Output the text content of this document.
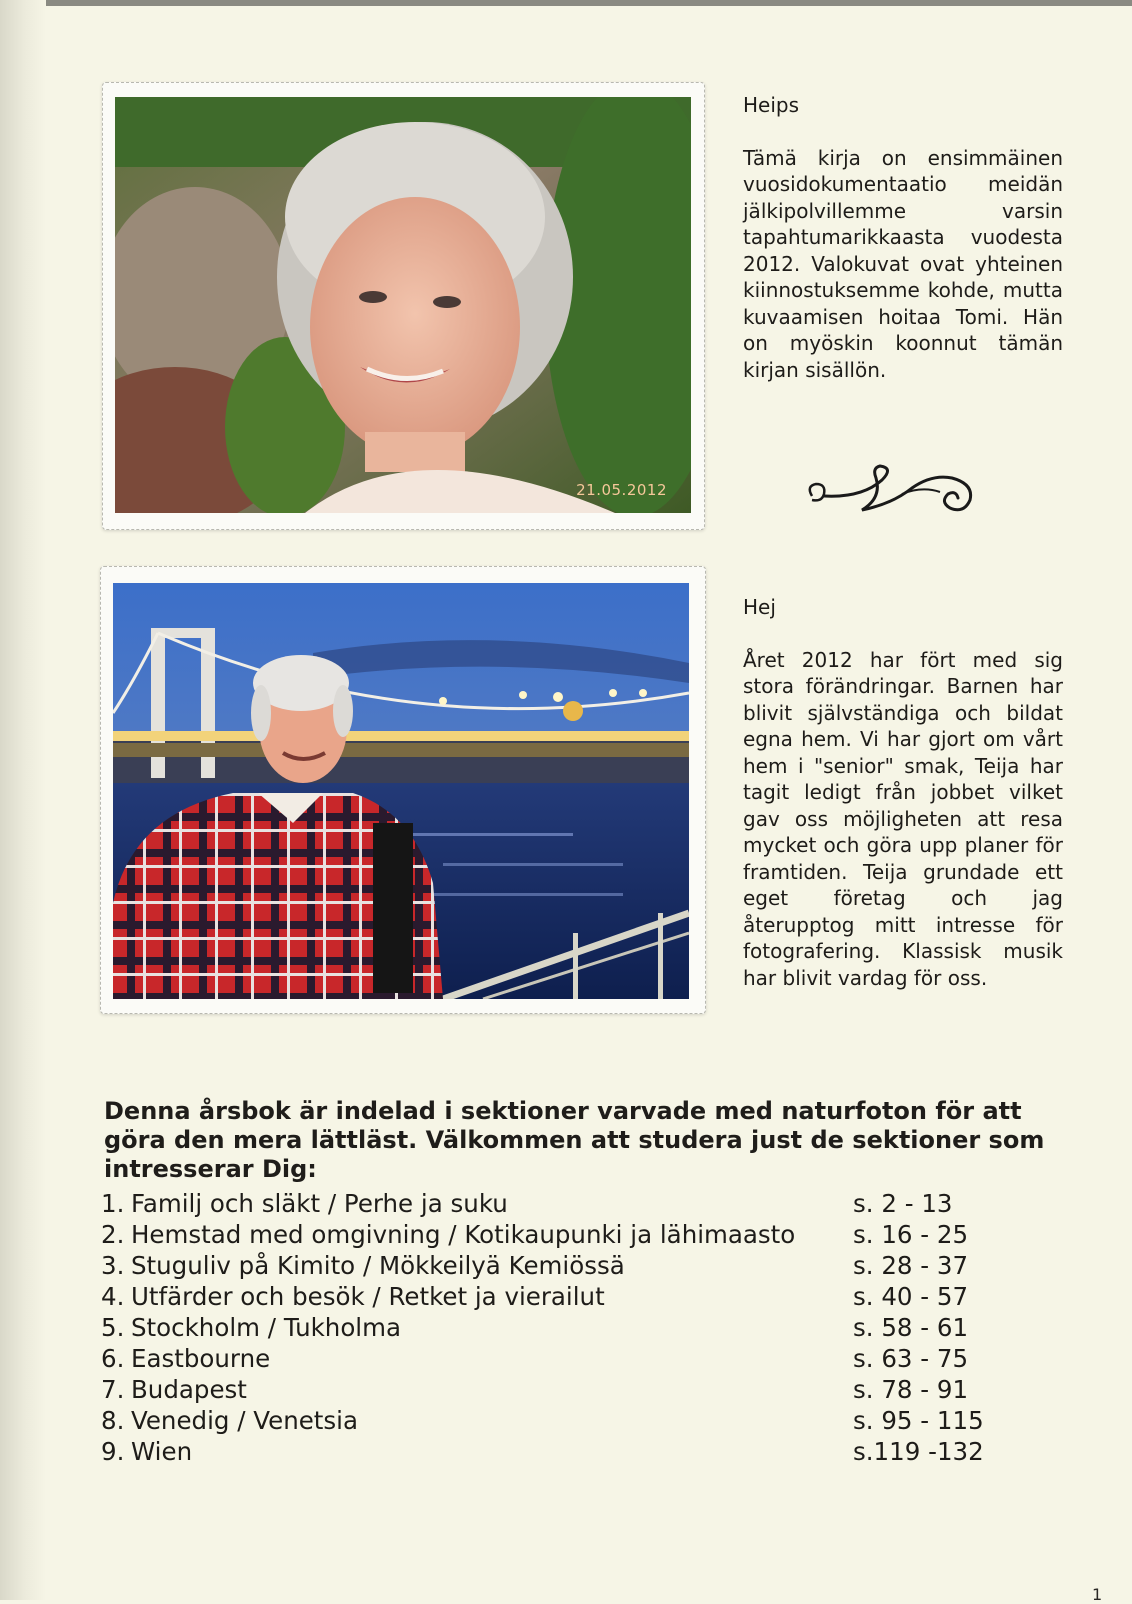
21.05.2012

Heips

Tämä kirja on ensimmäinen vuosidokumentaatio meidän jälkipolvillemme varsin tapahtumarikkaasta vuodesta 2012. Valokuvat ovat yhteinen kiinnostuksemme kohde, mutta kuvaamisen hoitaa Tomi. Hän on myöskin koonnut tämän kirjan sisällön.

Hej

Året 2012 har fört med sig stora förändringar. Barnen har blivit självständiga och bildat egna hem. Vi har gjort om vårt hem i "senior" smak, Teija har tagit ledigt från jobbet vilket gav oss möjligheten att resa mycket och göra upp planer för framtiden. Teija grundade ett eget företag och jag återupptog mitt intresse för fotografering. Klassisk musik har blivit vardag för oss.

Denna årsbok är indelad i sektioner varvade med naturfoton för att göra den mera lättläst. Välkommen att studera just de sektioner som intresserar Dig:

1. Familj och släkt / Perhe ja suku	s. 2 - 13
2. Hemstad med omgivning / Kotikaupunki ja lähimaasto s. 16 - 25
3. Stuguliv på Kimito / Mökkeilyä Kemiössä	s. 28 - 37
4. Utfärder och besök / Retket ja vierailut	s. 40 - 57
5. Stockholm / Tukholma	s. 58 - 61
6. Eastbourne	s. 63 - 75
7. Budapest	s. 78 - 91
8. Venedig / Venetsia	s. 95 - 115
9. Wien	s.119 -132
1
